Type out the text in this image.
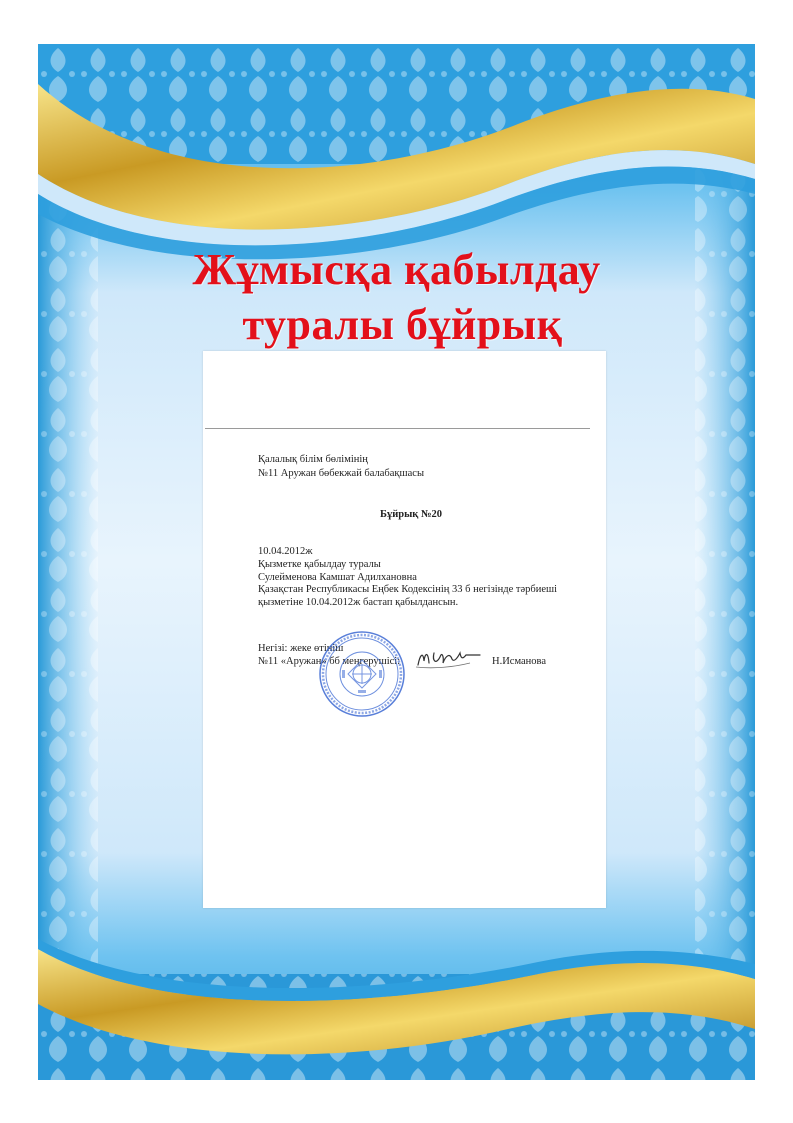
Жұмысқа қабылдау
туралы бұйрық
Қалалық білім бөлімінің
№11 Аружан бөбекжай балабақшасы
Бұйрық №20
10.04.2012ж
Қызметке қабылдау туралы
Сулейменова Камшат Адилхановна
Қазақстан Республикасы Еңбек Кодексінің 33 б негізінде тәрбиеші
қызметіне 10.04.2012ж бастап қабылдансын.
Негізі: жеке өтініш
№11 «Аружан» бб меңгерушісі:	Н.Исманова
